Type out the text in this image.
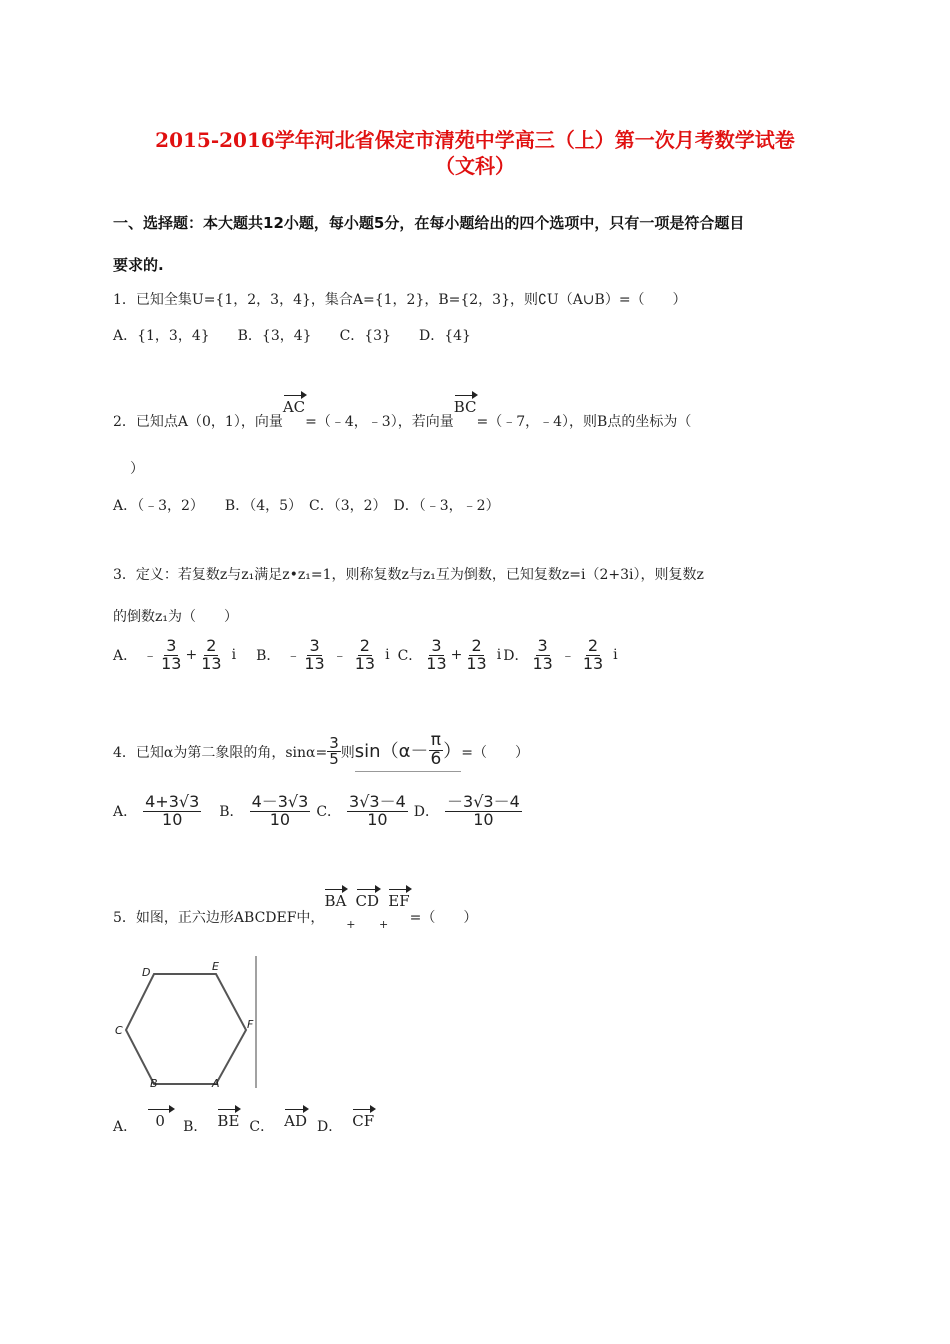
2015-2016学年河北省保定市清苑中学高三（上）第一次月考数学试卷
（文科）
一、选择题：本大题共12小题，每小题5分，在每小题给出的四个选项中，只有一项是符合题目
要求的.
1．已知全集U={1，2，3，4}，集合A={1，2}，B={2，3}，则∁U（A∪B）=（　　）
A．{1，3，4}　　B．{3，4}　　C．{3}　　D．{4}
2．已知点A（0，1），向量AC=（﹣4，﹣3），若向量BC=（﹣7，﹣4），则B点的坐标为（
）
A．（﹣3，2）　　B．（4，5）　C．（3，2）　D．（﹣3，﹣2）
3．定义：若复数z与z₁满足z•z₁=1，则称复数z与z₁互为倒数，已知复数z=i（2+3i），则复数z
的倒数z₁为（　　）
A． ﹣ $\frac{3}{13} + \frac{2}{13}$ i B． ﹣ $\frac{3}{13}$ ﹣ $\frac{2}{13}$ i C． $\frac{3}{13} + \frac{2}{13}$ i D． $\frac{3}{13}$ ﹣ $\frac{2}{13}$ i
4．已知α为第二象限的角，$\sin\alpha= \frac{3}{5}$ 则 $\sin(\alpha- \frac{\pi}{6}$ ） =（　　）
A． $\frac{4+3√3}{10}$ B． $\frac{4-3√3}{10}$ C． $\frac{3√3-4}{10}$ D． $\frac{-3√3-4}{10}$
5．如图，正六边形ABCDEF中，$BA_+CD_+EF=$（　　）
D	E
C	F
B	A
A．	0	B． BE C． AD D． CF
